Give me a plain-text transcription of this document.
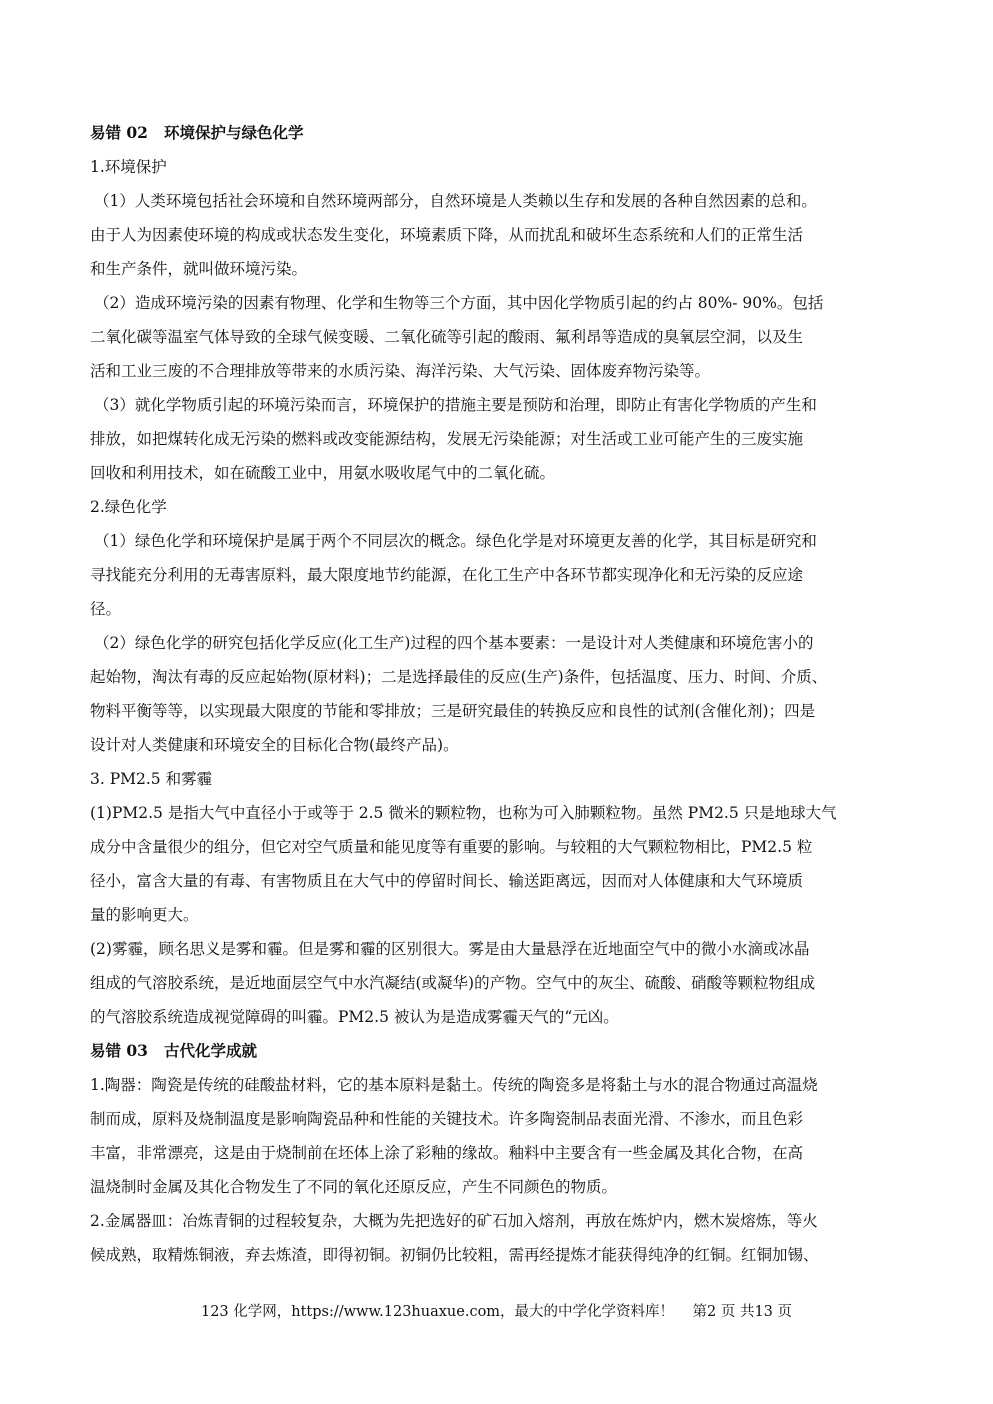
易错 02 环境保护与绿色化学
1.环境保护
（1）人类环境包括社会环境和自然环境两部分，自然环境是人类赖以生存和发展的各种自然因素的总和。
由于人为因素使环境的构成或状态发生变化，环境素质下降，从而扰乱和破坏生态系统和人们的正常生活
和生产条件，就叫做环境污染。
（2）造成环境污染的因素有物理、化学和生物等三个方面，其中因化学物质引起的约占 80%- 90%。包括
二氧化碳等温室气体导致的全球气候变暖、二氧化硫等引起的酸雨、氟利昂等造成的臭氧层空洞，以及生
活和工业三废的不合理排放等带来的水质污染、海洋污染、大气污染、固体废弃物污染等。
（3）就化学物质引起的环境污染而言，环境保护的措施主要是预防和治理，即防止有害化学物质的产生和
排放，如把煤转化成无污染的燃料或改变能源结构，发展无污染能源；对生活或工业可能产生的三废实施
回收和利用技术，如在硫酸工业中，用氨水吸收尾气中的二氧化硫。
2.绿色化学
（1）绿色化学和环境保护是属于两个不同层次的概念。绿色化学是对环境更友善的化学，其目标是研究和
寻找能充分利用的无毒害原料，最大限度地节约能源，在化工生产中各环节都实现净化和无污染的反应途
径。
（2）绿色化学的研究包括化学反应(化工生产)过程的四个基本要素：一是设计对人类健康和环境危害小的
起始物，淘汰有毒的反应起始物(原材料)；二是选择最佳的反应(生产)条件，包括温度、压力、时间、介质、
物料平衡等等，以实现最大限度的节能和零排放；三是研究最佳的转换反应和良性的试剂(含催化剂)；四是
设计对人类健康和环境安全的目标化合物(最终产品)。
3. PM2.5 和雾霾
(1)PM2.5 是指大气中直径小于或等于 2.5 微米的颗粒物，也称为可入肺颗粒物。虽然 PM2.5 只是地球大气
成分中含量很少的组分，但它对空气质量和能见度等有重要的影响。与较粗的大气颗粒物相比，PM2.5 粒
径小，富含大量的有毒、有害物质且在大气中的停留时间长、输送距离远，因而对人体健康和大气环境质
量的影响更大。
(2)雾霾，顾名思义是雾和霾。但是雾和霾的区别很大。雾是由大量悬浮在近地面空气中的微小水滴或冰晶
组成的气溶胶系统，是近地面层空气中水汽凝结(或凝华)的产物。空气中的灰尘、硫酸、硝酸等颗粒物组成
的气溶胶系统造成视觉障碍的叫霾。PM2.5 被认为是造成雾霾天气的“元凶。
易错 03 古代化学成就
1.陶器：陶瓷是传统的硅酸盐材料，它的基本原料是黏土。传统的陶瓷多是将黏土与水的混合物通过高温烧
制而成，原料及烧制温度是影响陶瓷品种和性能的关键技术。许多陶瓷制品表面光滑、不渗水，而且色彩
丰富，非常漂亮，这是由于烧制前在坯体上涂了彩釉的缘故。釉料中主要含有一些金属及其化合物，在高
温烧制时金属及其化合物发生了不同的氧化还原反应，产生不同颜色的物质。
2.金属器皿：冶炼青铜的过程较复杂，大概为先把选好的矿石加入熔剂，再放在炼炉内，燃木炭熔炼，等火
候成熟，取精炼铜液，弃去炼渣，即得初铜。初铜仍比较粗，需再经提炼才能获得纯净的红铜。红铜加锡、
123 化学网，https://www.123huaxue.com，最大的中学化学资料库！ 第2 页 共13 页
